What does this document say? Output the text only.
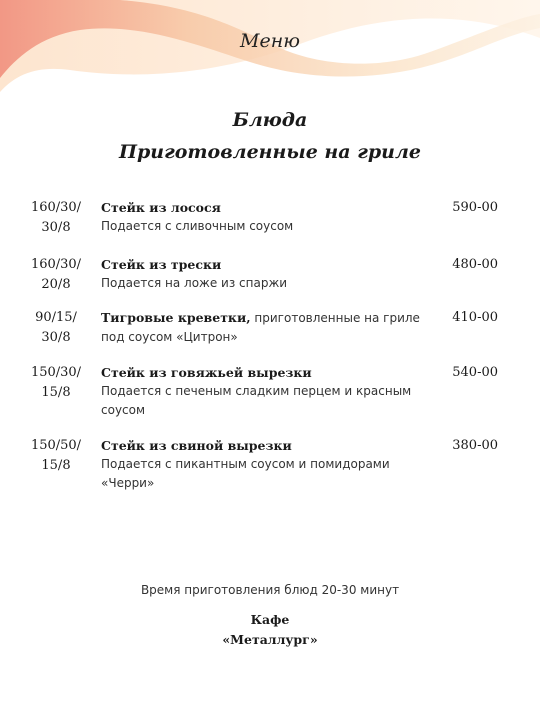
Меню
Блюда
Приготовленные на гриле
160/30/
30/8
Стейк из лосося
Подается с сливочным соусом
590-00
160/30/
20/8
Стейк из трески
Подается на ложе из спаржи
480-00
90/15/
30/8
Тигровые креветки, приготовленные на гриле под соусом «Цитрон»
410-00
150/30/
15/8
Стейк из говяжьей вырезки
Подается с печеным сладким перцем и красным соусом
540-00
150/50/
15/8
Стейк из свиной вырезки
Подается с пикантным соусом и помидорами «Черри»
380-00
Время приготовления блюд 20-30 минут
Кафе
«Металлург»
